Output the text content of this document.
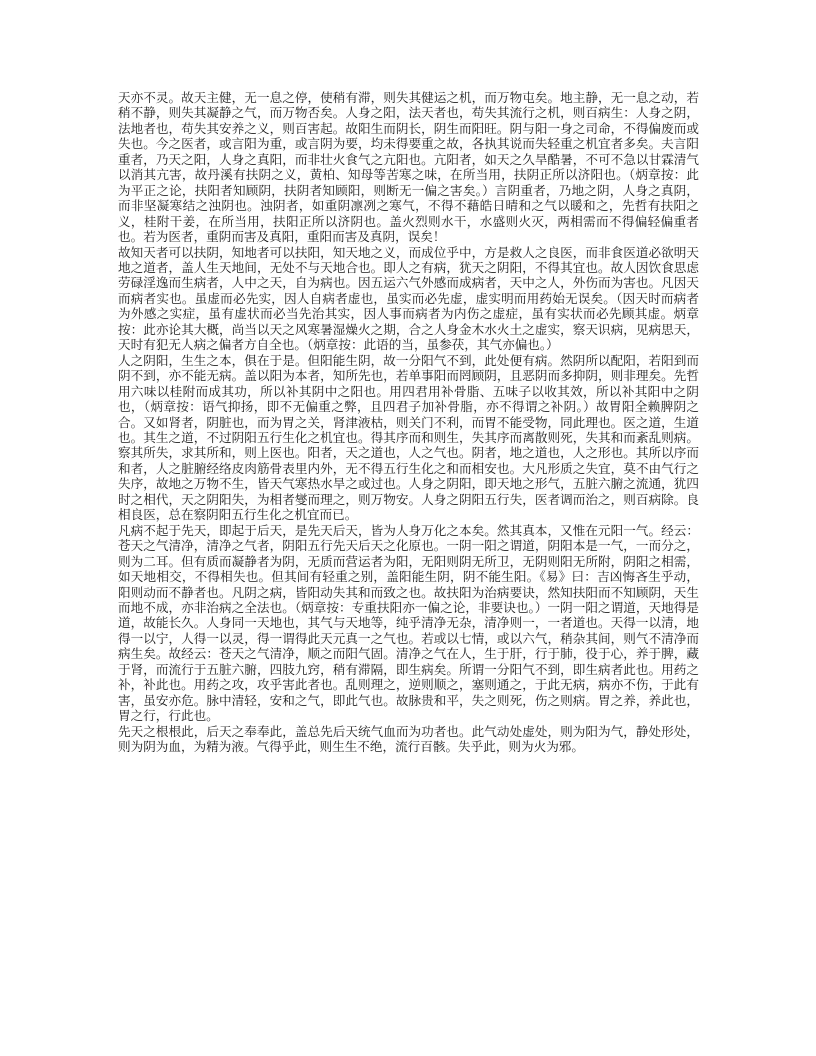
天亦不灵。故天主健，无一息之停，使稍有滞，则失其健运之机，而万物屯矣。地主静，无一息之动，若稍不静，则失其凝静之气，而万物否矣。人身之阳，法天者也，苟失其流行之机，则百病生：人身之阴，法地者也，苟失其安养之义，则百害起。故阳生而阴长，阴生而阳旺。阴与阳一身之司命，不得偏废而或失也。今之医者，或言阳为重，或言阴为要，均未得要重之故，各执其说而失轻重之机宜者多矣。夫言阳重者，乃天之阳，人身之真阳，而非壮火食气之亢阳也。亢阳者，如天之久旱酷暑，不可不急以甘霖清气以消其亢害，故丹溪有扶阴之义，黄柏、知母等苦寒之味，在所当用，扶阴正所以济阳也。（炳章按：此为平正之论，扶阳者知顾阴，扶阴者知顾阳，则断无一偏之害矣。）言阴重者，乃地之阴，人身之真阴，而非坚凝寒结之浊阴也。浊阴者，如重阴凛冽之寒气，不得不藉皓日晴和之气以暖和之，先哲有扶阳之义，桂附干姜，在所当用，扶阳正所以济阴也。盖火烈则水干，水盛则火灭，两相需而不得偏轻偏重者也。若为医者，重阴而害及真阳，重阳而害及真阴，误矣！

故知天者可以扶阴，知地者可以扶阳，知天地之义，而成位乎中，方是救人之良医，而非食医道必欲明天地之道者，盖人生天地间，无处不与天地合也。即人之有病，犹天之阴阳，不得其宜也。故人因饮食思虑劳碌淫逸而生病者，人中之天，自为病也。因五运六气外感而成病者，天中之人，外伤而为害也。凡因天而病者实也。虽虚而必先实，因人自病者虚也，虽实而必先虚，虚实明而用药始无误矣。（因天时而病者为外感之实症，虽有虚状而必当先治其实，因人事而病者为内伤之虚症，虽有实状而必先顾其虚。炳章按：此亦论其大概，尚当以天之风寒暑湿燥火之期，合之人身金木水火土之虚实，察天识病，见病思天，天时有犯无人病之偏者方自全也。（炳章按：此语的当，虽参茯，其气亦偏也。）

人之阴阳，生生之本，俱在于是。但阳能生阴，故一分阳气不到，此处便有病。然阴所以配阳，若阳到而阴不到，亦不能无病。盖以阳为本者，知所先也，若单事阳而罔顾阴，且恶阴而多抑阴，则非理矣。先哲用六味以桂附而成其功，所以补其阴中之阳也。用四君用补骨脂、五味子以收其效，所以补其阳中之阴也，（炳章按：语气抑扬，即不无偏重之弊，且四君子加补骨脂，亦不得谓之补阴。）故胃阳全赖脾阴之合。又如肾者，阴脏也，而为胃之关，肾津液枯，则关门不利，而胃不能受物，同此理也。医之道，生道也。其生之道，不过阴阳五行生化之机宜也。得其序而和则生，失其序而离散则死，失其和而紊乱则病。察其所失，求其所和，则上医也。阳者，天之道也，人之气也。阴者，地之道也，人之形也。其所以序而和者，人之脏腑经络皮肉筋骨表里内外，无不得五行生化之和而相安也。大凡形质之失宜，莫不由气行之失序，故地之万物不生，皆天气寒热水旱之或过也。人身之阴阳，即天地之形气，五脏六腑之流通，犹四时之相代，天之阴阳失，为相者燮而理之，则万物安。人身之阴阳五行失，医者调而治之，则百病除。良相良医，总在察阴阳五行生化之机宜而已。

凡病不起于先天，即起于后天，是先天后天，皆为人身万化之本矣。然其真本，又惟在元阳一气。经云：苍天之气清净，清净之气者，阴阳五行先天后天之化原也。一阴一阳之谓道，阴阳本是一气，一而分之，则为二耳。但有质而凝静者为阴，无质而营运者为阳，无阳则阴无所卫，无阴则阳无所附，阴阳之相需，如天地相交，不得相失也。但其间有轻重之别，盖阳能生阴，阴不能生阳。《易》曰：吉凶悔吝生乎动，阳则动而不静者也。凡阴之病，皆阳动失其和而致之也。故扶阳为治病要诀，然知扶阳而不知顾阴，天生而地不成，亦非治病之全法也。（炳章按：专重扶阳亦一偏之论，非要诀也。）一阴一阳之谓道，天地得是道，故能长久。人身同一天地也，其气与天地等，纯乎清净无杂，清净则一，一者道也。天得一以清，地得一以宁，人得一以灵，得一谓得此天元真一之气也。若或以七情，或以六气，稍杂其间，则气不清净而病生矣。故经云：苍天之气清净，顺之而阳气固。清净之气在人，生于肝，行于肺，役于心，养于脾，藏于肾，而流行于五脏六腑，四肢九窍，稍有滞隔，即生病矣。所谓一分阳气不到，即生病者此也。用药之补，补此也。用药之攻，攻乎害此者也。乱则理之，逆则顺之，塞则通之，于此无病，病亦不伤，于此有害，虽安亦危。脉中清轻，安和之气，即此气也。故脉贵和平，失之则死，伤之则病。胃之养，养此也，胃之行，行此也。

先天之根根此，后天之奉奉此，盖总先后天统气血而为功者也。此气动处虚处，则为阳为气，静处形处，则为阴为血，为精为液。气得乎此，则生生不绝，流行百骸。失乎此，则为火为邪。
